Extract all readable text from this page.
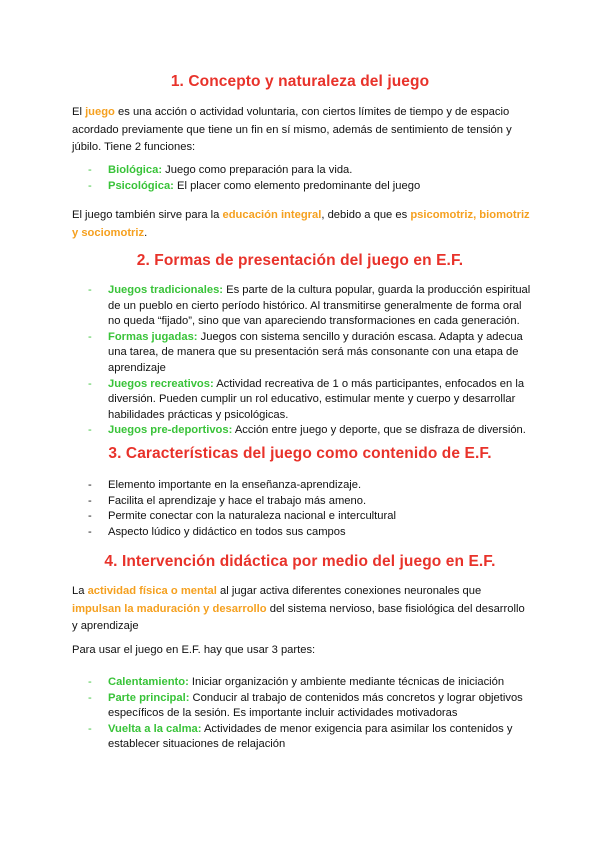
1. Concepto y naturaleza del juego

El juego es una acción o actividad voluntaria, con ciertos límites de tiempo y de espacio acordado previamente que tiene un fin en sí mismo, además de sentimiento de tensión y júbilo. Tiene 2 funciones:

- Biológica: Juego como preparación para la vida.
- Psicológica: El placer como elemento predominante del juego

El juego también sirve para la educación integral, debido a que es psicomotriz, biomotriz y sociomotriz.

2. Formas de presentación del juego en E.F.
- Juegos tradicionales: Es parte de la cultura popular, guarda la producción espiritual de un pueblo en cierto período histórico. Al transmitirse generalmente de forma oral no queda “fijado”, sino que van apareciendo transformaciones en cada generación.
- Formas jugadas: Juegos con sistema sencillo y duración escasa. Adapta y adecua una tarea, de manera que su presentación será más consonante con una etapa de aprendizaje
- Juegos recreativos: Actividad recreativa de 1 o más participantes, enfocados en la diversión. Pueden cumplir un rol educativo, estimular mente y cuerpo y desarrollar habilidades prácticas y psicológicas.
- Juegos pre-deportivos: Acción entre juego y deporte, que se disfraza de diversión.
3. Características del juego como contenido de E.F.
- Elemento importante en la enseñanza-aprendizaje.
- Facilita el aprendizaje y hace el trabajo más ameno.
- Permite conectar con la naturaleza nacional e intercultural
- Aspecto lúdico y didáctico en todos sus campos
4. Intervención didáctica por medio del juego en E.F.

La actividad física o mental al jugar activa diferentes conexiones neuronales que impulsan la maduración y desarrollo del sistema nervioso, base fisiológica del desarrollo y aprendizaje

Para usar el juego en E.F. hay que usar 3 partes:

- Calentamiento: Iniciar organización y ambiente mediante técnicas de iniciación
- Parte principal: Conducir al trabajo de contenidos más concretos y lograr objetivos específicos de la sesión. Es importante incluir actividades motivadoras
- Vuelta a la calma: Actividades de menor exigencia para asimilar los contenidos y establecer situaciones de relajación
